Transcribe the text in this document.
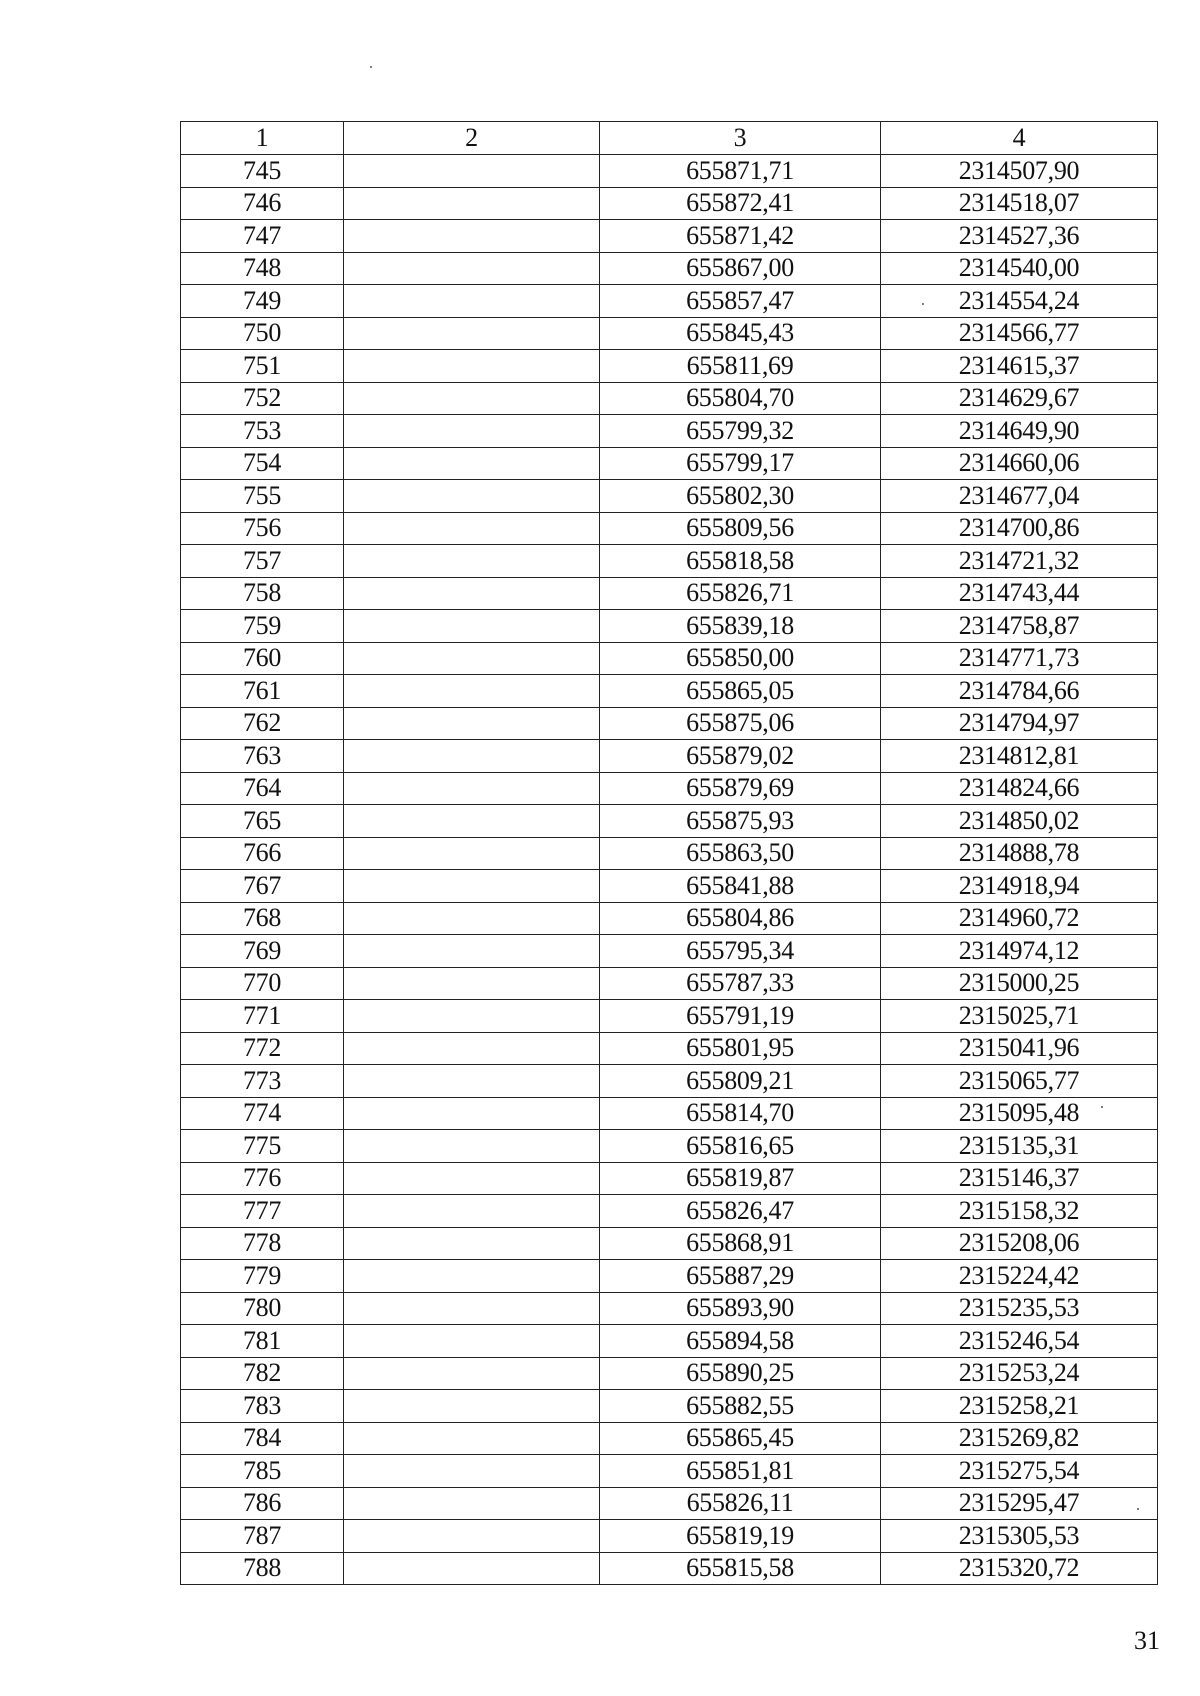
1	2	3	4
745		655871,71	2314507,90
746		655872,41	2314518,07
747		655871,42	2314527,36
748		655867,00	2314540,00
749		655857,47	2314554,24
750		655845,43	2314566,77
751		655811,69	2314615,37
752		655804,70	2314629,67
753		655799,32	2314649,90
754		655799,17	2314660,06
755		655802,30	2314677,04
756		655809,56	2314700,86
757		655818,58	2314721,32
758		655826,71	2314743,44
759		655839,18	2314758,87
760		655850,00	2314771,73
761		655865,05	2314784,66
762		655875,06	2314794,97
763		655879,02	2314812,81
764		655879,69	2314824,66
765		655875,93	2314850,02
766		655863,50	2314888,78
767		655841,88	2314918,94
768		655804,86	2314960,72
769		655795,34	2314974,12
770		655787,33	2315000,25
771		655791,19	2315025,71
772		655801,95	2315041,96
773		655809,21	2315065,77
774		655814,70	2315095,48
775		655816,65	2315135,31
776		655819,87	2315146,37
777		655826,47	2315158,32
778		655868,91	2315208,06
779		655887,29	2315224,42
780		655893,90	2315235,53
781		655894,58	2315246,54
782		655890,25	2315253,24
783		655882,55	2315258,21
784		655865,45	2315269,82
785		655851,81	2315275,54
786		655826,11	2315295,47
787		655819,19	2315305,53
788		655815,58	2315320,72
31
